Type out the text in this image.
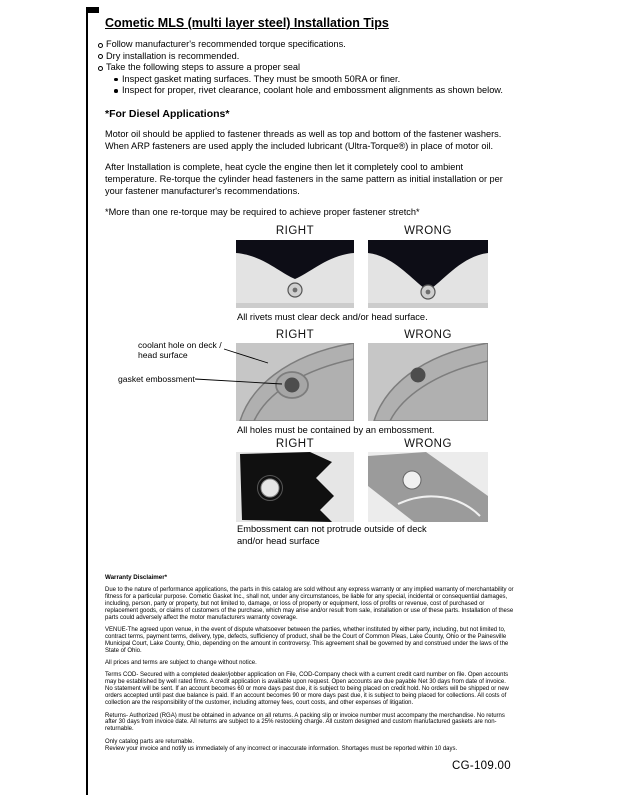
Cometic MLS (multi layer steel) Installation Tips
Follow manufacturer's recommended torque specifications.
Dry installation is recommended.
Take the following steps to assure a proper seal
Inspect gasket mating surfaces. They must be smooth 50RA or finer.
Inspect for proper, rivet clearance, coolant hole and embossment alignments as shown below.
*For Diesel Applications*

Motor oil should be applied to fastener threads as well as top and bottom of the fastener washers. When ARP fasteners are used apply the included lubricant (Ultra-Torque®) in place of motor oil.

After Installation is complete, heat cycle the engine then let it completely cool to ambient temperature. Re-torque the cylinder head fasteners in the same pattern as initial installation or per your fastener manufacturer's recommendations.

*More than one re-torque may be required to achieve proper fastener stretch*

RIGHT	WRONG
All rivets must clear deck and/or head surface.
RIGHT	WRONG
coolant hole on deck / head surface
gasket embossment
All holes must be contained by an embossment.
RIGHT	WRONG
Embossment can not protrude outside of deck and/or head surface

Warranty Disclaimer*

Due to the nature of performance applications, the parts in this catalog are sold without any express warranty or any implied warranty of merchantability or fitness for a particular purpose. Cometic Gasket Inc., shall not, under any circumstances, be liable for any special, incidental or consequential damages, including, person, party or property, but not limited to, damage, or loss of property or equipment, loss of profits or revenue, cost of purchased or replacement goods, or claims of customers of the purchase, which may arise and/or result from sale, installation or use of these parts. Installation of these parts could adversely affect the motor manufacturers warranty coverage.

VENUE-The agreed upon venue, in the event of dispute whatsoever between the parties, whether instituted by either party, including, but not limited to, contract terms, payment terms, delivery, type, defects, sufficiency of product, shall be the Court of Common Pleas, Lake County, Ohio or the Painesville Municipal Court, Lake County, Ohio, depending on the amount in controversy. This agreement shall be governed by and construed under the laws of the State of Ohio.

All prices and terms are subject to change without notice.

Terms COD- Secured with a completed dealer/jobber application on File, COD-Company check with a current credit card number on file. Open accounts may be established by well rated firms. A credit application is available upon request. Open accounts are due payable Net 30 days from date of invoice. No statement will be sent. If an account becomes 60 or more days past due, it is subject to being placed on credit hold. No orders will be shipped or new orders accepted until past due balance is paid. If an account becomes 90 or more days past due, it is subject to being placed for collections. All costs of collection are the responsibility of the customer, including attorney fees, court costs, and other expenses of litigation.

Returns- Authorized (RGA) must be obtained in advance on all returns. A packing slip or invoice number must accompany the merchandise. No returns after 30 days from invoice date. All returns are subject to a 25% restocking charge. All custom designed and custom manufactured gaskets are non-returnable.

Only catalog parts are returnable.

Review your invoice and notify us immediately of any incorrect or inaccurate information. Shortages must be reported within 10 days.

CG-109.00
